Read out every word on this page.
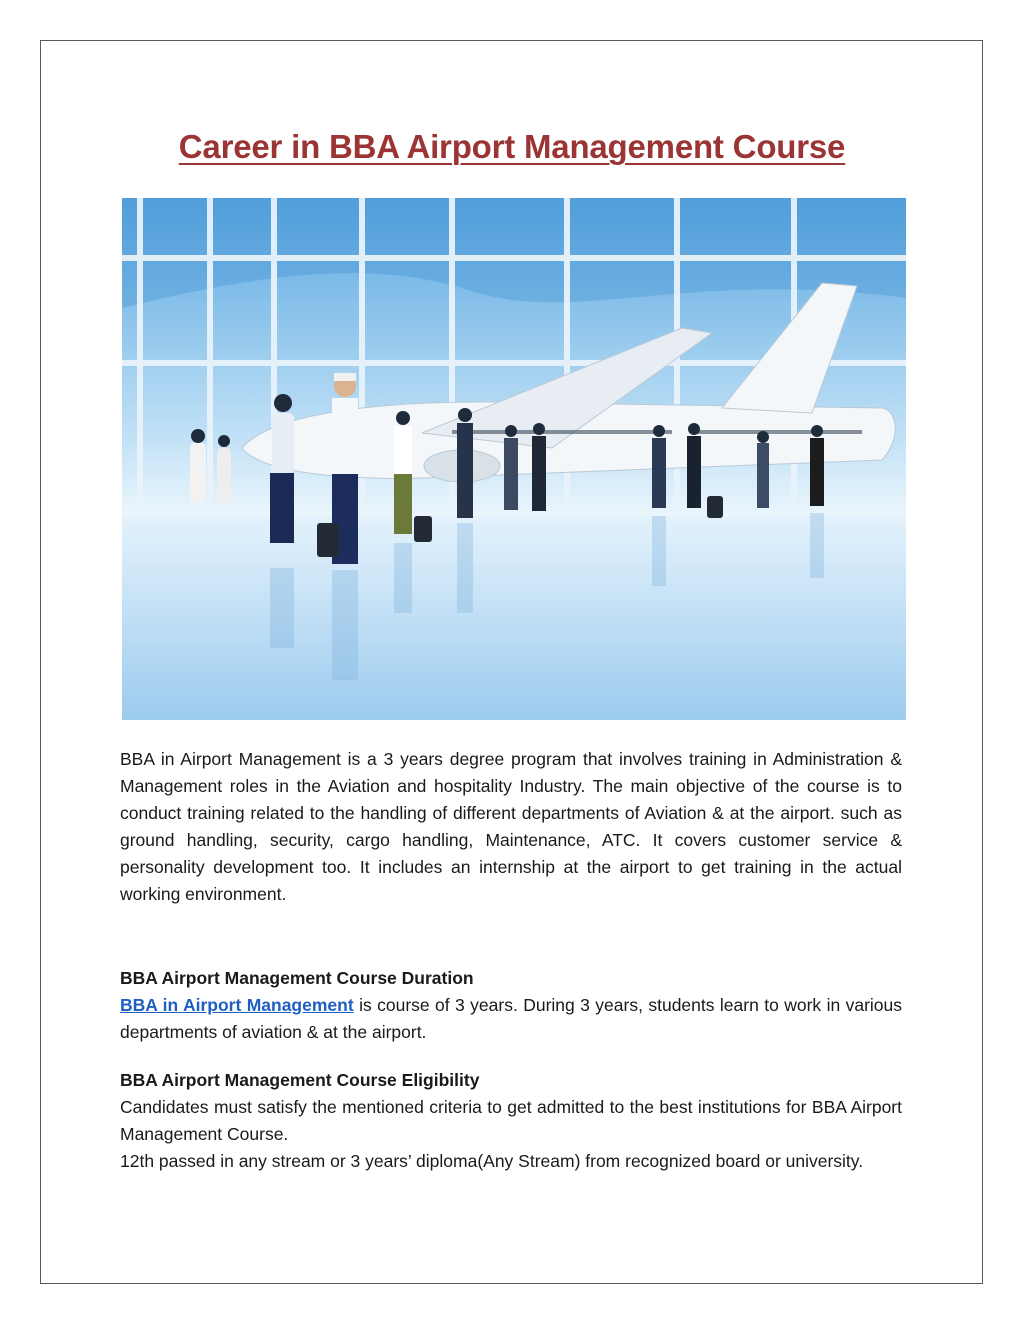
Career in BBA Airport Management Course

BBA in Airport Management is a 3 years degree program that involves training in Administration & Management roles in the Aviation and hospitality Industry. The main objective of the course is to conduct training related to the handling of different departments of Aviation & at the airport. such as ground handling, security, cargo handling, Maintenance, ATC. It covers customer service & personality development too. It includes an internship at the airport to get training in the actual working environment.

BBA Airport Management Course Duration

BBA in Airport Management is course of 3 years. During 3 years, students learn to work in various departments of aviation & at the airport.

BBA Airport Management Course Eligibility

Candidates must satisfy the mentioned criteria to get admitted to the best institutions for BBA Airport Management Course.

12th passed in any stream or 3 years’ diploma(Any Stream) from recognized board or university.
